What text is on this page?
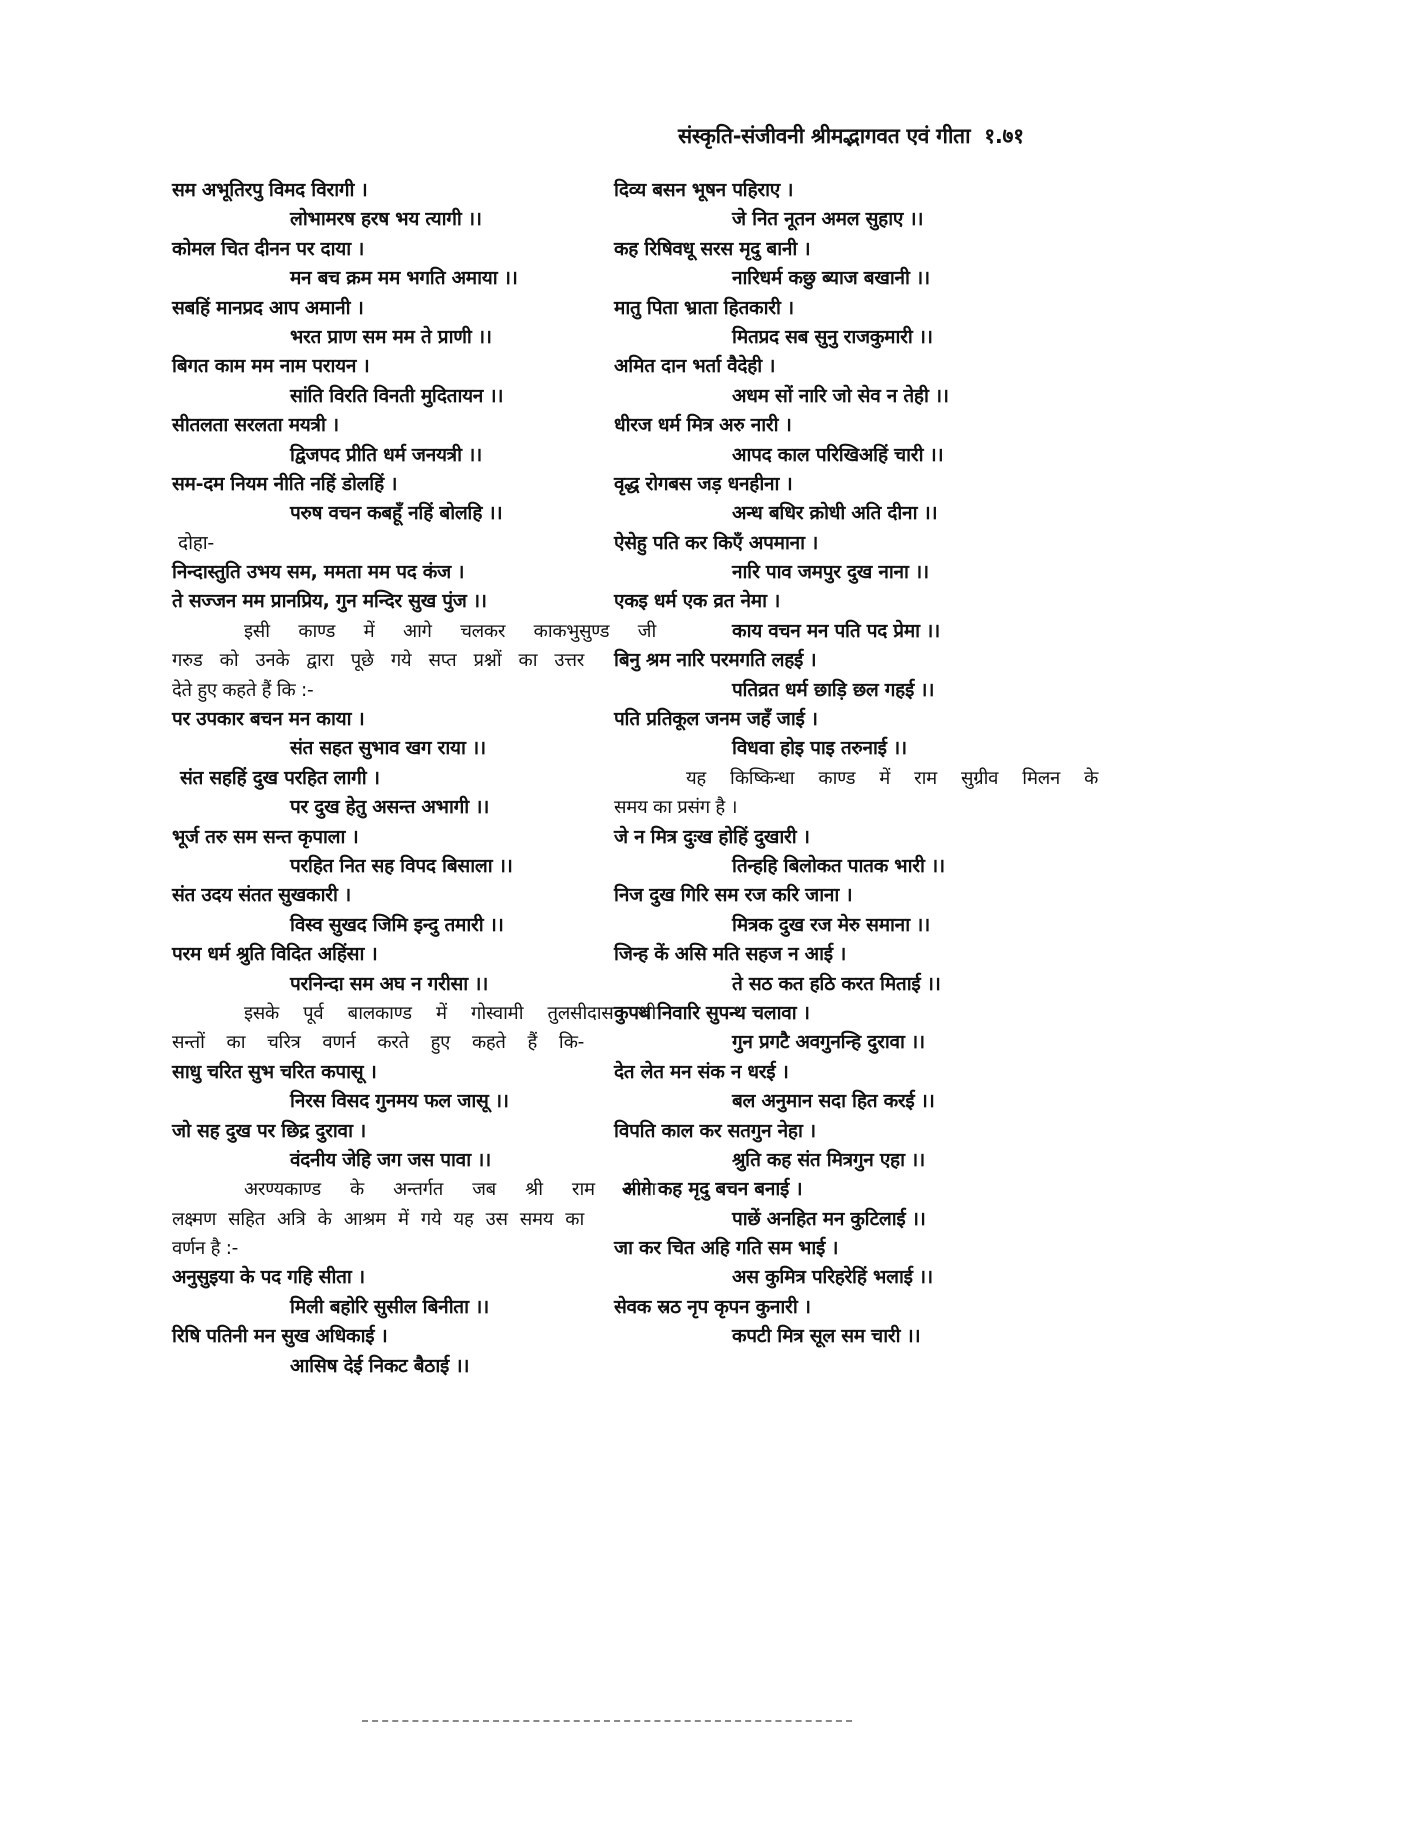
संस्कृति-संजीवनी श्रीमद्भागवत एवं गीता १.७१
सम अभूतिरपु विमद विरागी ।
लोभामरष हरष भय त्यागी ।।
कोमल चित दीनन पर दाया ।
मन बच क्रम मम भगति अमाया ।।
सबहिं मानप्रद आप अमानी ।
भरत प्राण सम मम ते प्राणी ।।
बिगत काम मम नाम परायन ।
सांति विरति विनती मुदितायन ।।
सीतलता सरलता मयत्री ।
द्विजपद प्रीति धर्म जनयत्री ।।
सम-दम नियम नीति नहिं डोलहिं ।
परुष वचन कबहूँ नहिं बोलहि ।।
दोहा-
निन्दास्तुति उभय सम, ममता मम पद कंज ।
ते सज्जन मम प्रानप्रिय, गुन मन्दिर सुख पुंज ।।
इसी काण्ड में आगे चलकर काकभुसुण्ड जी
गरुड को उनके द्वारा पूछे गये सप्त प्रश्नों का उत्तर
देते हुए कहते हैं कि :-
पर उपकार बचन मन काया ।
संत सहत सुभाव खग राया ।।
संत सहहिं दुख परहित लागी ।
पर दुख हेतु असन्त अभागी ।।
भूर्ज तरु सम सन्त कृपाला ।
परहित नित सह विपद बिसाला ।।
संत उदय संतत सुखकारी ।
विस्व सुखद जिमि इन्दु तमारी ।।
परम धर्म श्रुति विदित अहिंसा ।
परनिन्दा सम अघ न गरीसा ।।
इसके पूर्व बालकाण्ड में गोस्वामी तुलसीदास जी
सन्तों का चरित्र वणर्न करते हुए कहते हैं कि-
साधु चरित सुभ चरित कपासू ।
निरस विसद गुनमय फल जासू ।।
जो सह दुख पर छिद्र दुरावा ।
वंदनीय जेहि जग जस पावा ।।
अरण्यकाण्ड के अन्तर्गत जब श्री राम सीता
लक्ष्मण सहित अत्रि के आश्रम में गये यह उस समय का
वर्णन है :-
अनुसुइया के पद गहि सीता ।
मिली बहोरि सुसील बिनीता ।।
रिषि पतिनी मन सुख अधिकाई ।
आसिष देई निकट बैठाई ।।
दिव्य बसन भूषन पहिराए ।
जे नित नूतन अमल सुहाए ।।
कह रिषिवधू सरस मृदु बानी ।
नारिधर्म कछु ब्याज बखानी ।।
मातु पिता भ्राता हितकारी ।
मितप्रद सब सुनु राजकुमारी ।।
अमित दान भर्ता वैदेही ।
अधम सों नारि जो सेव न तेही ।।
धीरज धर्म मित्र अरु नारी ।
आपद काल परिखिअहिं चारी ।।
वृद्ध रोगबस जड़ धनहीना ।
अन्ध बधिर क्रोधी अति दीना ।।
ऐसेहु पति कर किएँ अपमाना ।
नारि पाव जमपुर दुख नाना ।।
एकइ धर्म एक व्रत नेमा ।
काय वचन मन पति पद प्रेमा ।।
बिनु श्रम नारि परमगति लहई ।
पतिव्रत धर्म छाड़ि छल गहई ।।
पति प्रतिकूल जनम जहँ जाई ।
विधवा होइ पाइ तरुनाई ।।
यह किष्किन्धा काण्ड में राम सुग्रीव मिलन के
समय का प्रसंग है ।
जे न मित्र दुःख होहिं दुखारी ।
तिन्हहि बिलोकत पातक भारी ।।
निज दुख गिरि सम रज करि जाना ।
मित्रक दुख रज मेरु समाना ।।
जिन्ह कें असि मति सहज न आई ।
ते सठ कत हठि करत मिताई ।।
कुपथ निवारि सुपन्थ चलावा ।
गुन प्रगटै अवगुनन्हि दुरावा ।।
देत लेत मन संक न धरई ।
बल अनुमान सदा हित करई ।।
विपति काल कर सतगुन नेहा ।
श्रुति कह संत मित्रगुन एहा ।।
आगे कह मृदु बचन बनाई ।
पाछें अनहित मन कुटिलाई ।।
जा कर चित अहि गति सम भाई ।
अस कुमित्र परिहरेहिं भलाई ।।
सेवक स्रठ नृप कृपन कुनारी ।
कपटी मित्र सूल सम चारी ।।
